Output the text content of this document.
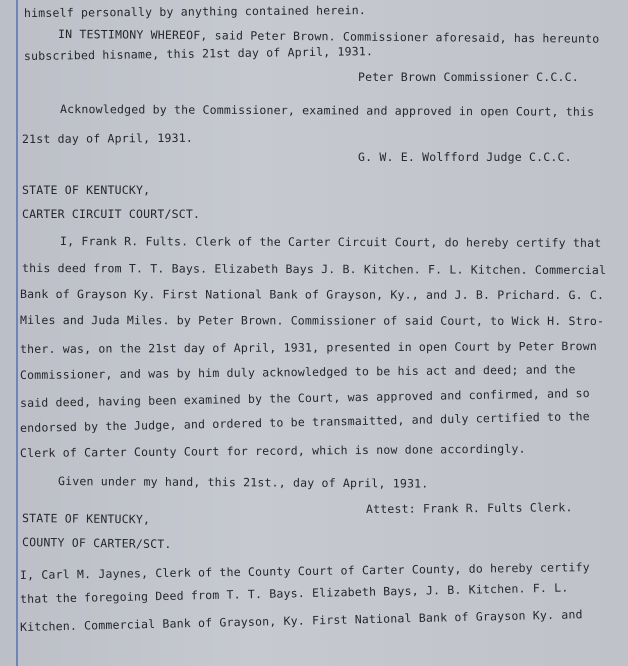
himself personally by anything contained herein.
IN TESTIMONY WHEREOF, said Peter Brown. Commissioner aforesaid, has hereunto
subscribed hisname, this 21st day of April, 1931.
Peter Brown Commissioner C.C.C.
Acknowledged by the Commissioner, examined and approved in open Court, this
21st day of April, 1931.
G. W. E. Wolfford Judge C.C.C.
STATE OF KENTUCKY,
CARTER CIRCUIT COURT/SCT.
I, Frank R. Fults. Clerk of the Carter Circuit Court, do hereby certify that
this deed from T. T. Bays. Elizabeth Bays J. B. Kitchen. F. L. Kitchen. Commercial
Bank of Grayson Ky. First National Bank of Grayson, Ky., and J. B. Prichard. G. C.
Miles and Juda Miles. by Peter Brown. Commissioner of said Court, to Wick H. Stro-
ther. was, on the 21st day of April, 1931, presented in open Court by Peter Brown
Commissioner, and was by him duly acknowledged to be his act and deed; and the
said deed, having been examined by the Court, was approved and confirmed, and so
endorsed by the Judge, and ordered to be transmaitted, and duly certified to the
Clerk of Carter County Court for record, which is now done accordingly.
Given under my hand, this 21st., day of April, 1931.
Attest: Frank R. Fults Clerk.
STATE OF KENTUCKY,
COUNTY OF CARTER/SCT.
I, Carl M. Jaynes, Clerk of the County Court of Carter County, do hereby certify
that the foregoing Deed from T. T. Bays. Elizabeth Bays, J. B. Kitchen. F. L.
Kitchen. Commercial Bank of Grayson, Ky. First National Bank of Grayson Ky. and
